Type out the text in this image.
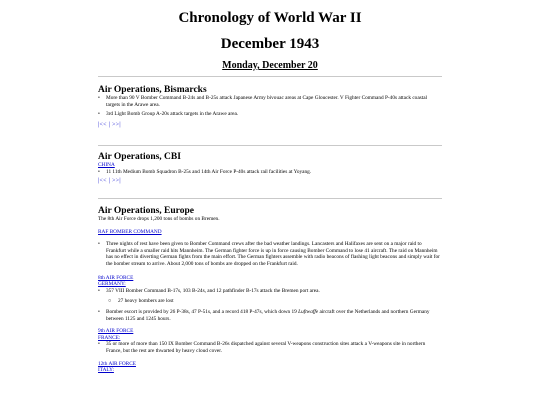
Chronology of World War II
December 1943
Monday, December 20
Air Operations, Bismarcks
•	More than 90 V Bomber Command B-24s and B-25s attack Japanese Army bivouac areas at Cape Gloucester. V Fighter Command P-40s attack coastal targets in the Arawe area.
•	3rd Light Bomb Group A-20s attack targets in the Arawe area.
|<< | >>|
Air Operations, CBI
CHINA
•	11 11th Medium Bomb Squadron B-25s and 14th Air Force P-40s attack rail facilities at Yoyang.
|<< | >>|
Air Operations, Europe
The 8th Air Force drops 1,200 tons of bombs on Bremen.
RAF BOMBER COMMAND
•	Three nights of rest have been given to Bomber Command crews after the bad weather landings. Lancasters and Halifaxes are sent on a major raid to Frankfurt while a smaller raid hits Mannheim. The German fighter force is up in force causing Bomber Command to lose 41 aircraft. The raid on Mannheim has no effect in diverting German fights from the main effort. The German fighters assemble with radio beacons of flashing light beacons and simply wait for the bomber stream to arrive. About 2,000 tons of bombs are dropped on the Frankfurt raid.
8th AIR FORCE
GERMANY:
•	357 VIII Bomber Command B-17s, 103 B-24s, and 12 pathfinder B-17s attack the Bremen port area.
○	27 heavy bombers are lost
•	Bomber escort is provided by 26 P-38s, 47 P-51s, and a record 418 P-47s, which down 19 Luftwaffe aircraft over the Netherlands and northern Germany between 1125 and 1245 hours.
9th AIR FORCE
FRANCE:
•	35 or more of more than 150 IX Bomber Command B-26s dispatched against several V-weapons construction sites attack a V-weapons site in northern France, but the rest are thwarted by heavy cloud cover.
12th AIR FORCE
ITALY:
